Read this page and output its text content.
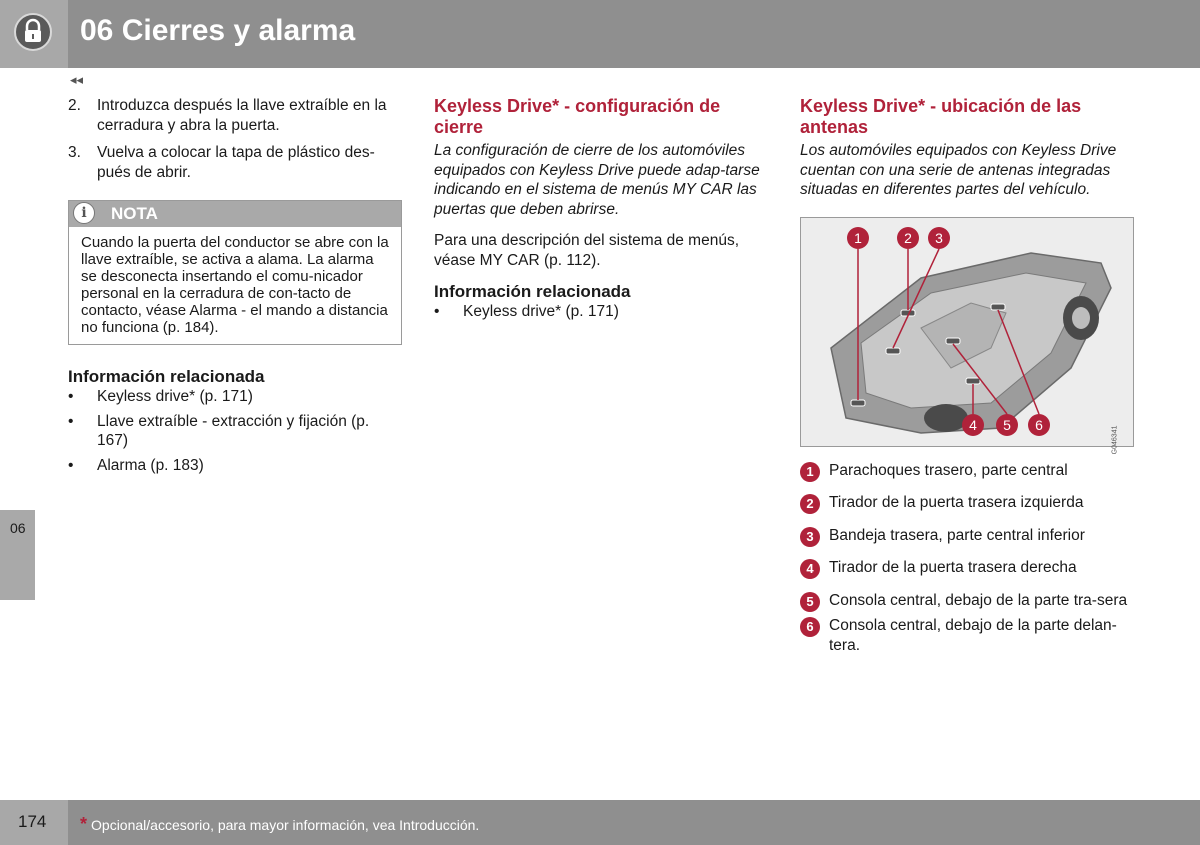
06 Cierres y alarma
◂◂
2. Introduzca después la llave extraíble en la cerradura y abra la puerta.
3. Vuelva a colocar la tapa de plástico des-pués de abrir.
i	NOTA
Cuando la puerta del conductor se abre con la llave extraíble, se activa a alama. La alarma se desconecta insertando el comu-nicador personal en la cerradura de con-tacto de contacto, véase Alarma - el mando a distancia no funciona (p. 184).
Información relacionada
• Keyless drive* (p. 171)
• Llave extraíble - extracción y fijación (p. 167)
• Alarma (p. 183)
Keyless Drive* - configuración de cierre

La configuración de cierre de los automóviles equipados con Keyless Drive puede adap-tarse indicando en el sistema de menús MY CAR las puertas que deben abrirse.

Para una descripción del sistema de menús, véase MY CAR (p. 112).

Información relacionada
• Keyless drive* (p. 171)
Keyless Drive* - ubicación de las antenas

Los automóviles equipados con Keyless Drive cuentan con una serie de antenas integradas situadas en diferentes partes del vehículo.

1	2 3
4 5 6
G046341
1 Parachoques trasero, parte central
2 Tirador de la puerta trasera izquierda
3 Bandeja trasera, parte central inferior
4 Tirador de la puerta trasera derecha
5 Consola central, debajo de la parte tra-sera
6 Consola central, debajo de la parte delan-tera.
06
174 * Opcional/accesorio, para mayor información, vea Introducción.
